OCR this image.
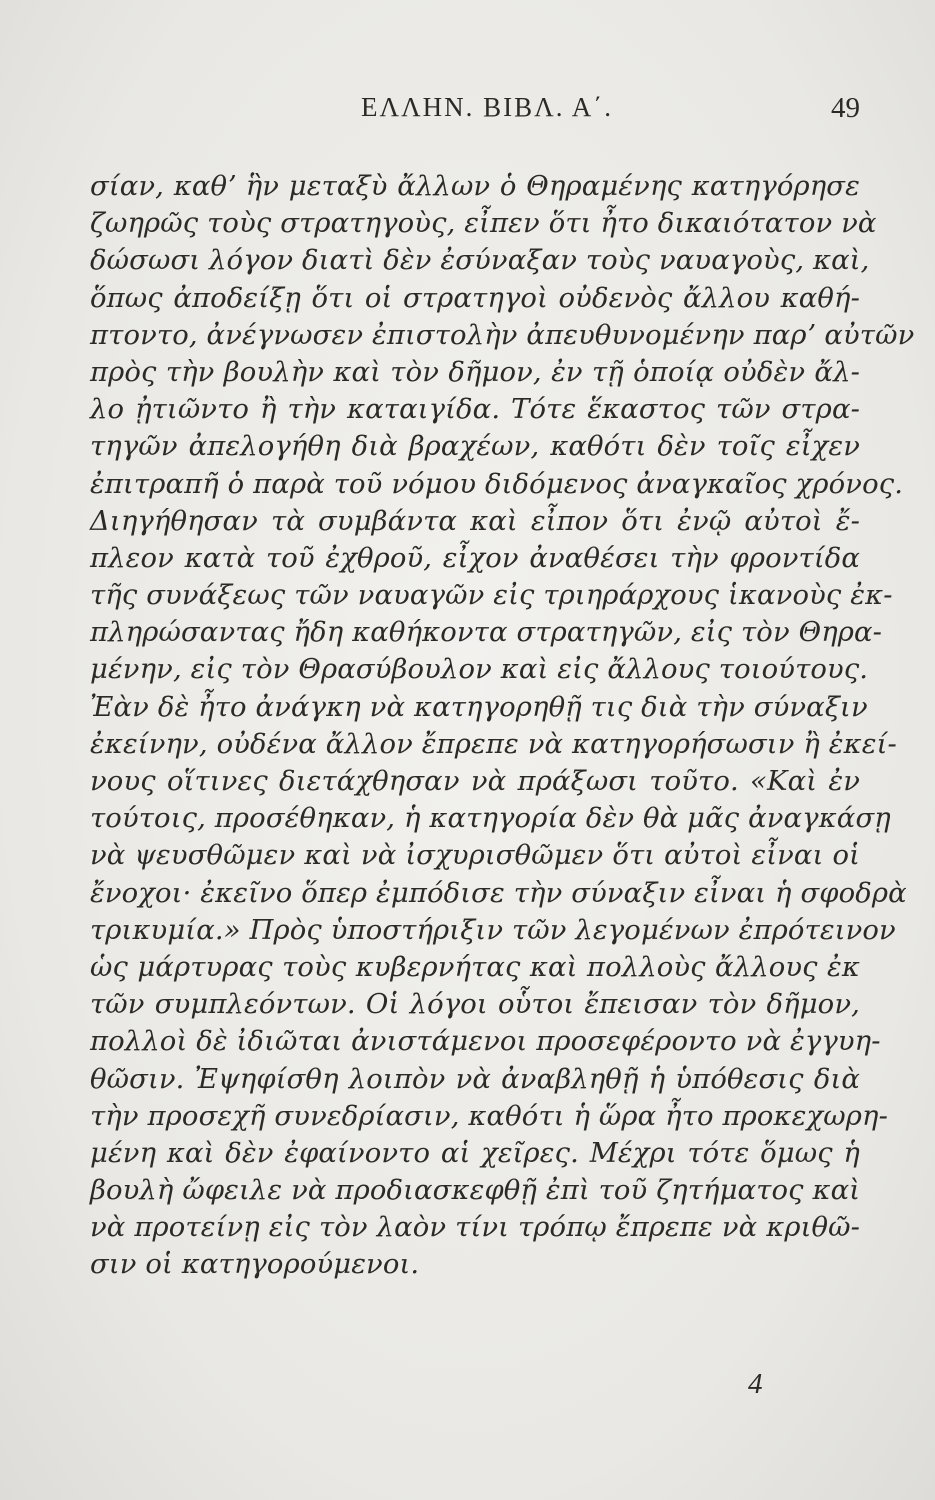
ΕΛΛΗΝ. ΒΙΒΛ. Α΄.	49
σίαν, καθʼ ἣν μεταξὺ ἄλλων ὁ Θηραμένης κατηγόρησε
ζωηρῶς τοὺς στρατηγοὺς, εἶπεν ὅτι ἦτο δικαιότατον νὰ
δώσωσι λόγον διατὶ δὲν ἐσύναξαν τοὺς ναυαγοὺς, καὶ,
ὅπως ἀποδείξῃ ὅτι οἱ στρατηγοὶ οὐδενὸς ἄλλου καθή-
πτοντο, ἀνέγνωσεν ἐπιστολὴν ἀπευθυνομένην παρʼ αὐτῶν
πρὸς τὴν βουλὴν καὶ τὸν δῆμον, ἐν τῇ ὁποίᾳ οὐδὲν ἄλ-
λο ᾐτιῶντο ἢ τὴν καταιγίδα. Τότε ἕκαστος τῶν στρα-
τηγῶν ἀπελογήθη διὰ βραχέων, καθότι δὲν τοῖς εἶχεν
ἐπιτραπῆ ὁ παρὰ τοῦ νόμου διδόμενος ἀναγκαῖος χρόνος.
Διηγήθησαν τὰ συμβάντα καὶ εἶπον ὅτι ἐνῷ αὐτοὶ ἔ-
πλεον κατὰ τοῦ ἐχθροῦ, εἶχον ἀναθέσει τὴν φροντίδα
τῆς συνάξεως τῶν ναυαγῶν εἰς τριηράρχους ἱκανοὺς ἐκ-
πληρώσαντας ἤδη καθήκοντα στρατηγῶν, εἰς τὸν Θηρα-
μένην, εἰς τὸν Θρασύβουλον καὶ εἰς ἄλλους τοιούτους.
Ἐὰν δὲ ἦτο ἀνάγκη νὰ κατηγορηθῇ τις διὰ τὴν σύναξιν
ἐκείνην, οὐδένα ἄλλον ἔπρεπε νὰ κατηγορήσωσιν ἢ ἐκεί-
νους οἵτινες διετάχθησαν νὰ πράξωσι τοῦτο. «Καὶ ἐν
τούτοις, προσέθηκαν, ἡ κατηγορία δὲν θὰ μᾶς ἀναγκάσῃ
νὰ ψευσθῶμεν καὶ νὰ ἰσχυρισθῶμεν ὅτι αὐτοὶ εἶναι οἱ
ἔνοχοι· ἐκεῖνο ὅπερ ἐμπόδισε τὴν σύναξιν εἶναι ἡ σφοδρὰ
τρικυμία.» Πρὸς ὑποστήριξιν τῶν λεγομένων ἐπρότεινον
ὡς μάρτυρας τοὺς κυβερνήτας καὶ πολλοὺς ἄλλους ἐκ
τῶν συμπλεόντων. Οἱ λόγοι οὗτοι ἔπεισαν τὸν δῆμον,
πολλοὶ δὲ ἰδιῶται ἀνιστάμενοι προσεφέροντο νὰ ἐγγυη-
θῶσιν. Ἐψηφίσθη λοιπὸν νὰ ἀναβληθῇ ἡ ὑπόθεσις διὰ
τὴν προσεχῆ συνεδρίασιν, καθότι ἡ ὥρα ἦτο προκεχωρη-
μένη καὶ δὲν ἐφαίνοντο αἱ χεῖρες. Μέχρι τότε ὅμως ἡ
βουλὴ ὤφειλε νὰ προδιασκεφθῇ ἐπὶ τοῦ ζητήματος καὶ
νὰ προτείνῃ εἰς τὸν λαὸν τίνι τρόπῳ ἔπρεπε νὰ κριθῶ-
σιν οἱ κατηγορούμενοι.
4
